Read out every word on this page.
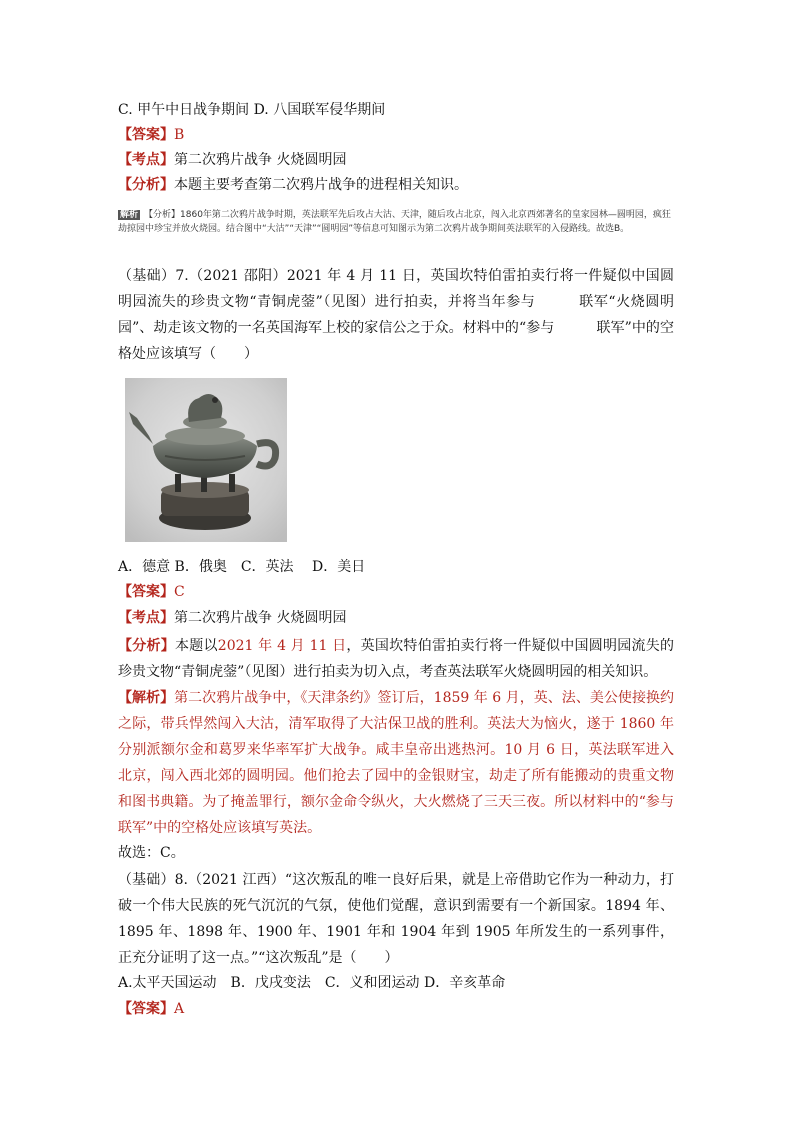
C. 甲午中日战争期间 D. 八国联军侵华期间
【答案】B
【考点】第二次鸦片战争 火烧圆明园
【分析】本题主要考查第二次鸦片战争的进程相关知识。
解析 【分析】1860年第二次鸦片战争时期，英法联军先后攻占大沽、天津，随后攻占北京，闯入北京西郊著名的皇家园林—圆明园，疯狂劫掠园中珍宝并放火烧园。结合图中“大沽”“天津”“圆明园”等信息可知图示为第二次鸦片战争期间英法联军的入侵路线。故选B。
（基础）7.（2021 邵阳）2021 年 4 月 11 日，英国坎特伯雷拍卖行将一件疑似中国圆明园流失的珍贵文物“青铜虎蓥”（见图）进行拍卖，并将当年参与　　　联军“火烧圆明园”、劫走该文物的一名英国海军上校的家信公之于众。材料中的“参与　　　联军”中的空格处应该填写（　　）
A．德意 B．俄奥　C．英法　 D．美日
【答案】C
【考点】第二次鸦片战争 火烧圆明园
【分析】本题以2021 年 4 月 11 日，英国坎特伯雷拍卖行将一件疑似中国圆明园流失的珍贵文物“青铜虎蓥”（见图）进行拍卖为切入点，考查英法联军火烧圆明园的相关知识。
【解析】第二次鸦片战争中，《天津条约》签订后，1859 年 6 月，英、法、美公使接换约之际，带兵悍然闯入大沽，清军取得了大沽保卫战的胜利。英法大为恼火，遂于 1860 年分别派额尔金和葛罗来华率军扩大战争。咸丰皇帝出逃热河。10 月 6 日，英法联军进入北京，闯入西北郊的圆明园。他们抢去了园中的金银财宝，劫走了所有能搬动的贵重文物和图书典籍。为了掩盖罪行，额尔金命令纵火，大火燃烧了三天三夜。所以材料中的“参与　　　联军”中的空格处应该填写英法。
故选：C。
（基础）8.（2021 江西）“这次叛乱的唯一良好后果，就是上帝借助它作为一种动力，打破一个伟大民族的死气沉沉的气氛，使他们觉醒，意识到需要有一个新国家。1894 年、1895 年、1898 年、1900 年、1901 年和 1904 年到 1905 年所发生的一系列事件，正充分证明了这一点。”“这次叛乱”是（　　）
A.太平天国运动　B．戊戌变法　C．义和团运动 D．辛亥革命
【答案】A
